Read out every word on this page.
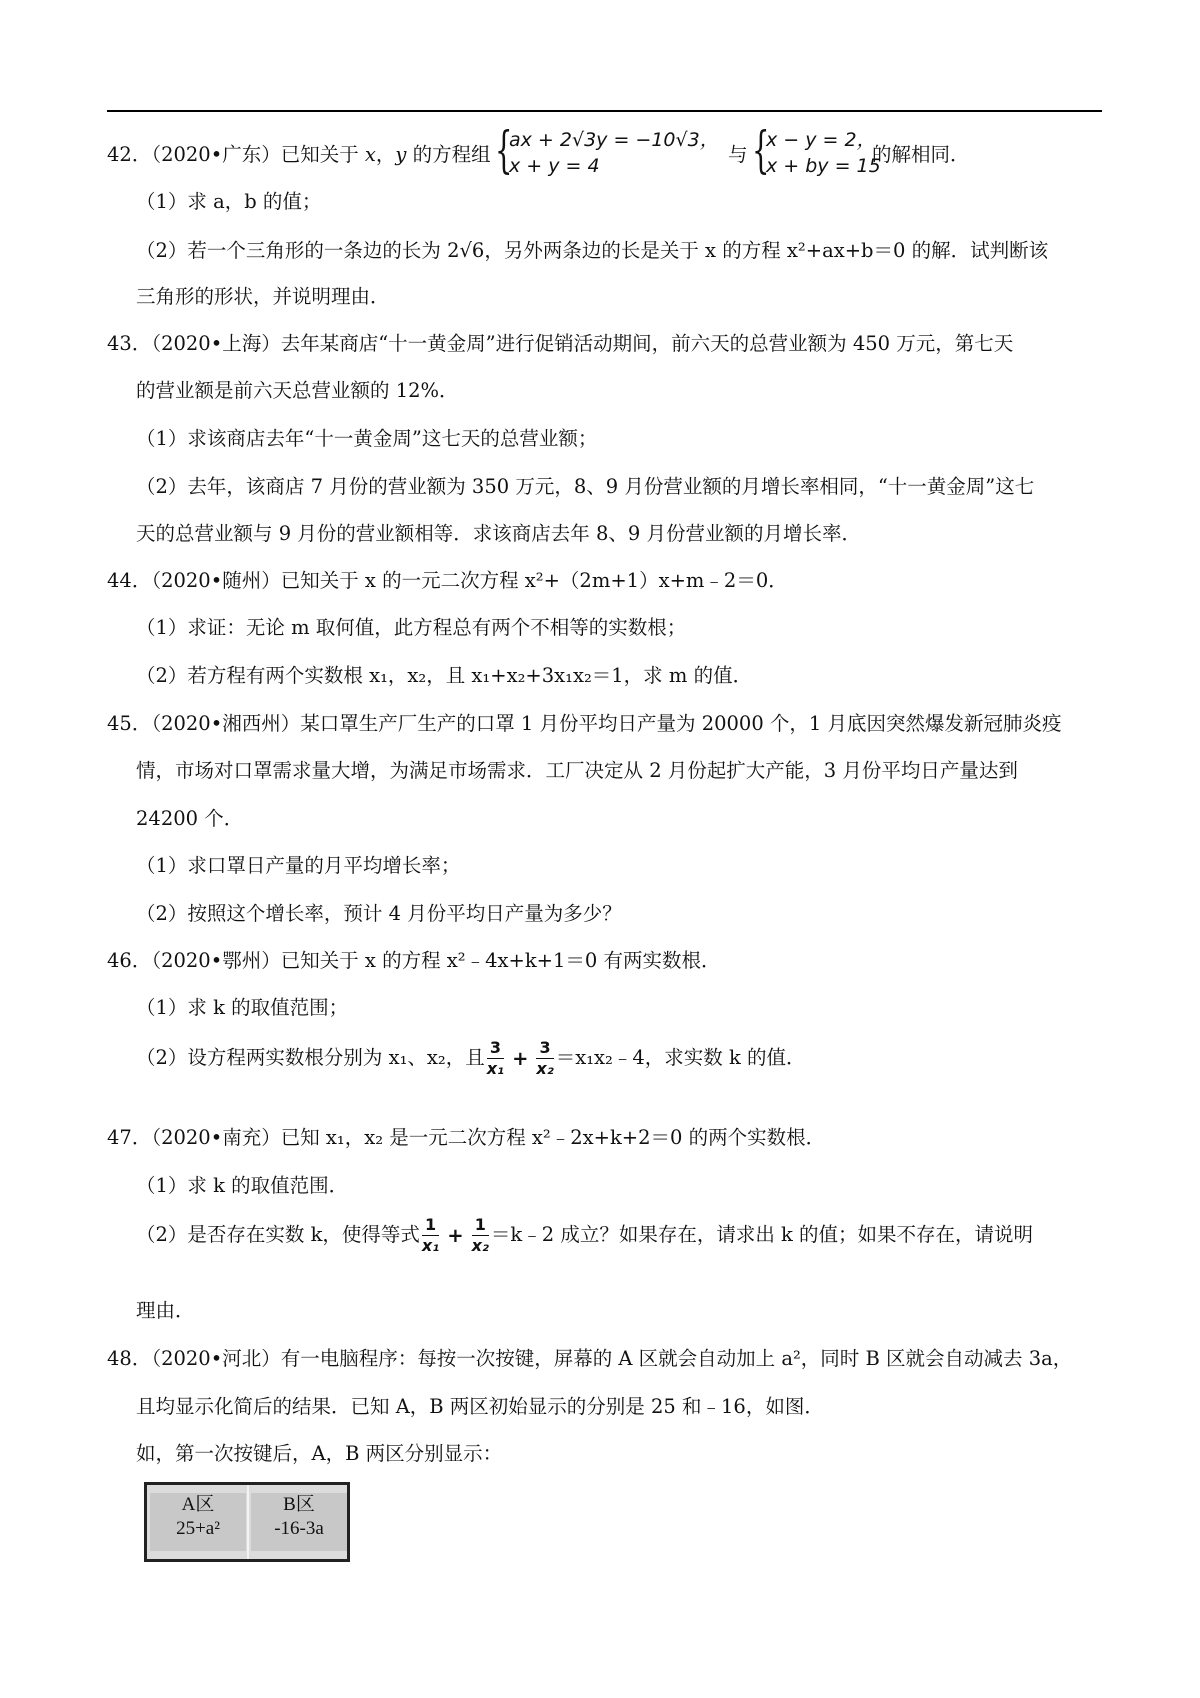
42．（2020•广东）已知关于 x，y 的方程组 {
ax + 2√3y = −10√3，
x + y = 4	与 {
x − y = 2，
x + by = 15
的解相同．
（1）求 a，b 的值；
（2）若一个三角形的一条边的长为 2√6，另外两条边的长是关于 x 的方程 x²+ax+b＝0 的解．试判断该
三角形的形状，并说明理由．
43．（2020•上海）去年某商店“十一黄金周”进行促销活动期间，前六天的总营业额为 450 万元，第七天
的营业额是前六天总营业额的 12%．
（1）求该商店去年“十一黄金周”这七天的总营业额；
（2）去年，该商店 7 月份的营业额为 350 万元，8、9 月份营业额的月增长率相同，“十一黄金周”这七
天的总营业额与 9 月份的营业额相等．求该商店去年 8、9 月份营业额的月增长率．
44．（2020•随州）已知关于 x 的一元二次方程 x²+（2m+1）x+m﹣2＝0．
（1）求证：无论 m 取何值，此方程总有两个不相等的实数根；
（2）若方程有两个实数根 x₁，x₂，且 x₁+x₂+3x₁x₂＝1，求 m 的值．
45．（2020•湘西州）某口罩生产厂生产的口罩 1 月份平均日产量为 20000 个，1 月底因突然爆发新冠肺炎疫
情，市场对口罩需求量大增，为满足市场需求．工厂决定从 2 月份起扩大产能，3 月份平均日产量达到
24200 个．
（1）求口罩日产量的月平均增长率；
（2）按照这个增长率，预计 4 月份平均日产量为多少？
46．（2020•鄂州）已知关于 x 的方程 x²﹣4x+k+1＝0 有两实数根．
（1）求 k 的取值范围；
（2）设方程两实数根分别为 x₁、x₂，且 $\frac{3}{\text{x₁}} + \frac{3}{\text{x₂}}$ ＝x₁x₂﹣4，求实数 k 的值．
47．（2020•南充）已知 x₁，x₂ 是一元二次方程 x²﹣2x+k+2＝0 的两个实数根．
（1）求 k 的取值范围．
（2）是否存在实数 k，使得等式 $\frac{1}{\text{x₁}} + \frac{1}{\text{x₂}}$ ＝k﹣2 成立？如果存在，请求出 k 的值；如果不存在，请说明
理由．
48．（2020•河北）有一电脑程序：每按一次按键，屏幕的 A 区就会自动加上 a²，同时 B 区就会自动减去 3a，
且均显示化简后的结果．已知 A，B 两区初始显示的分别是 25 和﹣16，如图．
如，第一次按键后，A，B 两区分别显示：
A区
25+a²
B区
-16-3a
